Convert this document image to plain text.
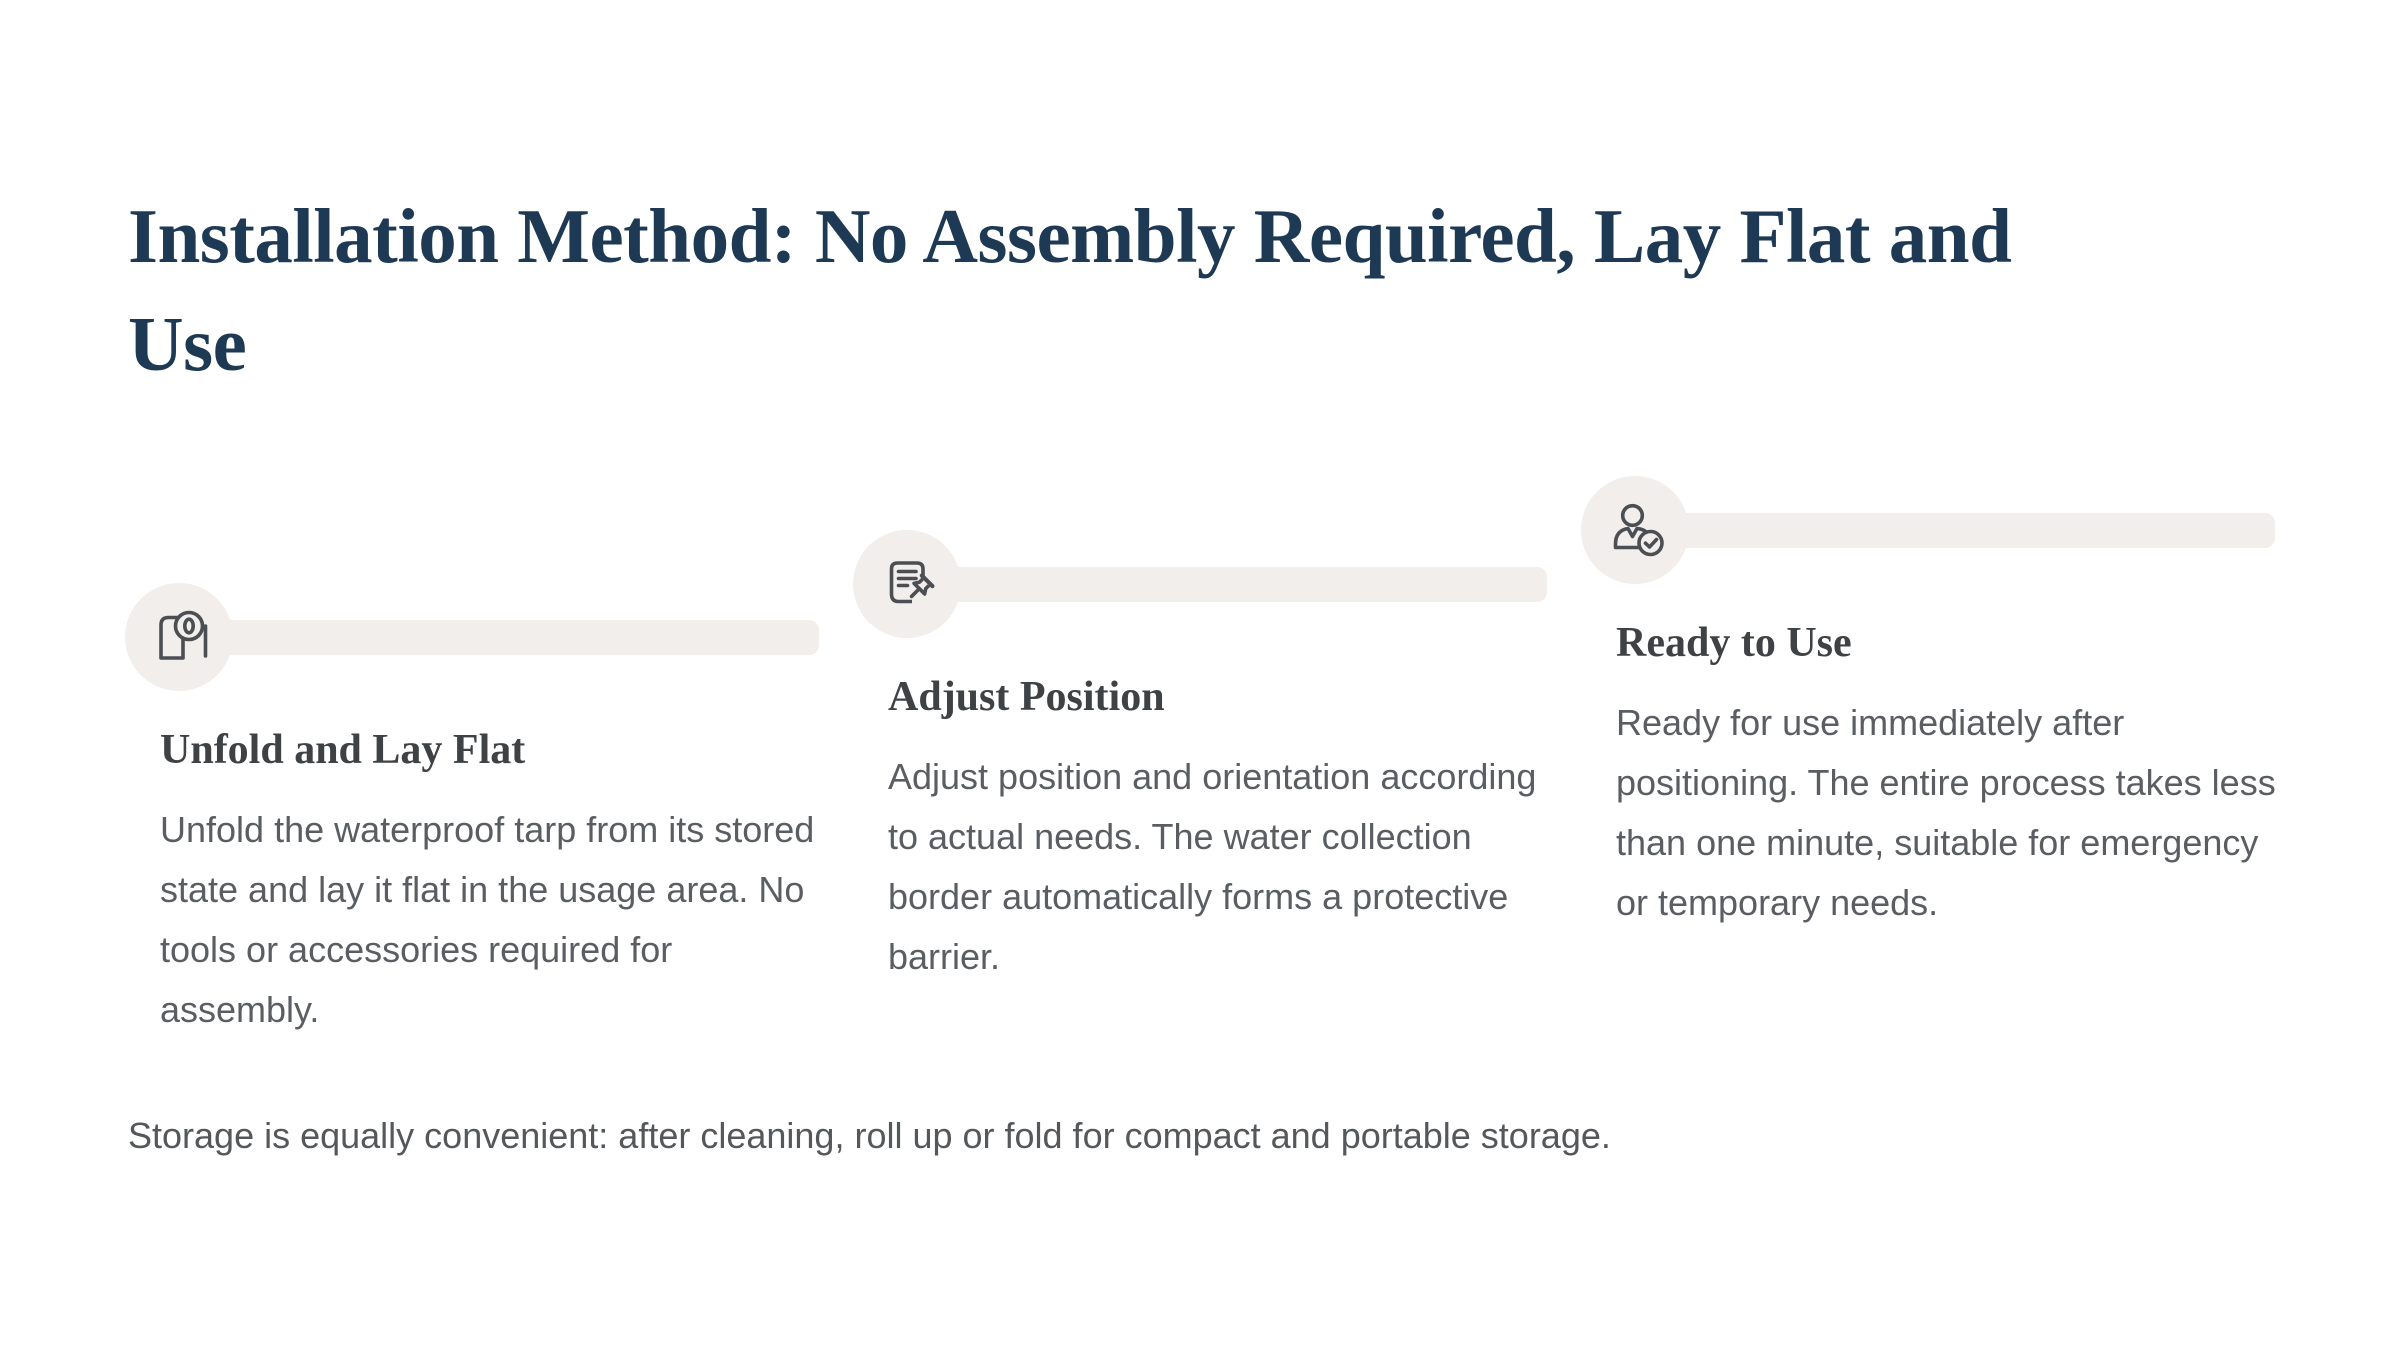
Installation Method: No Assembly Required, Lay Flat and
Use
Unfold and Lay Flat

Unfold the waterproof tarp from its stored state and lay it flat in the usage area. No tools or accessories required for assembly.

Adjust Position

Adjust position and orientation according to actual needs. The water collection border automatically forms a protective barrier.

Ready to Use

Ready for use immediately after positioning. The entire process takes less than one minute, suitable for emergency or temporary needs.

Storage is equally convenient: after cleaning, roll up or fold for compact and portable storage.
